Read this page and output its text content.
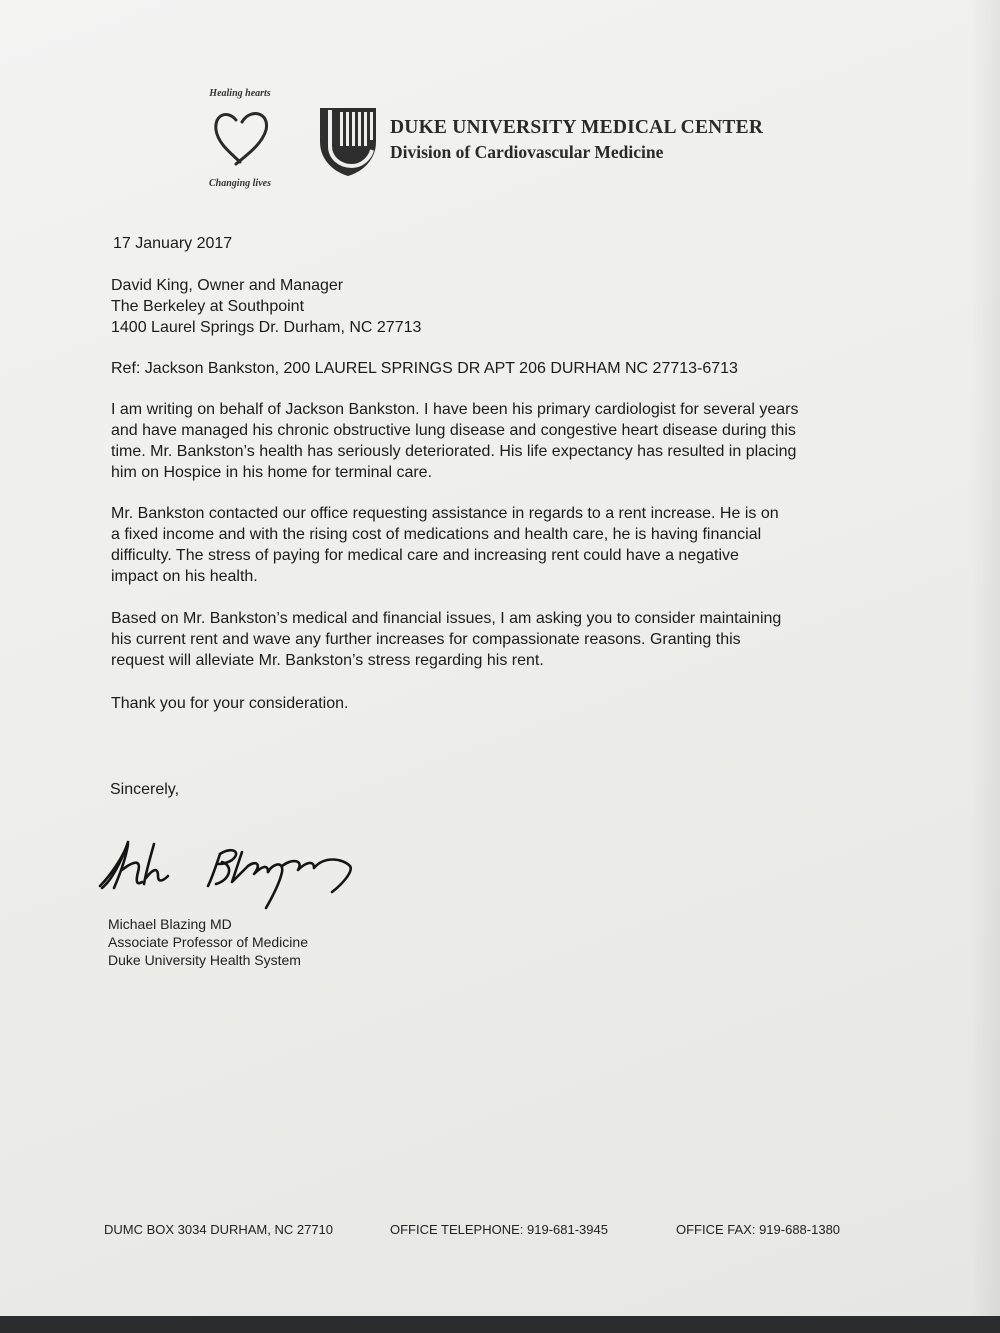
Healing hearts
Changing lives
DUKE UNIVERSITY MEDICAL CENTER
Division of Cardiovascular Medicine
17 January 2017
David King, Owner and Manager
The Berkeley at Southpoint
1400 Laurel Springs Dr. Durham, NC 27713
Ref: Jackson Bankston, 200 LAUREL SPRINGS DR APT 206 DURHAM NC 27713-6713
I am writing on behalf of Jackson Bankston. I have been his primary cardiologist for several years
and have managed his chronic obstructive lung disease and congestive heart disease during this
time. Mr. Bankston’s health has seriously deteriorated. His life expectancy has resulted in placing
him on Hospice in his home for terminal care.
Mr. Bankston contacted our office requesting assistance in regards to a rent increase. He is on
a fixed income and with the rising cost of medications and health care, he is having financial
difficulty. The stress of paying for medical care and increasing rent could have a negative
impact on his health.
Based on Mr. Bankston’s medical and financial issues, I am asking you to consider maintaining
his current rent and wave any further increases for compassionate reasons. Granting this
request will alleviate Mr. Bankston’s stress regarding his rent.
Thank you for your consideration.
Sincerely,
Michael Blazing MD
Associate Professor of Medicine
Duke University Health System
DUMC BOX 3034 DURHAM, NC 27710	OFFICE TELEPHONE: 919-681-3945	OFFICE FAX: 919-688-1380
